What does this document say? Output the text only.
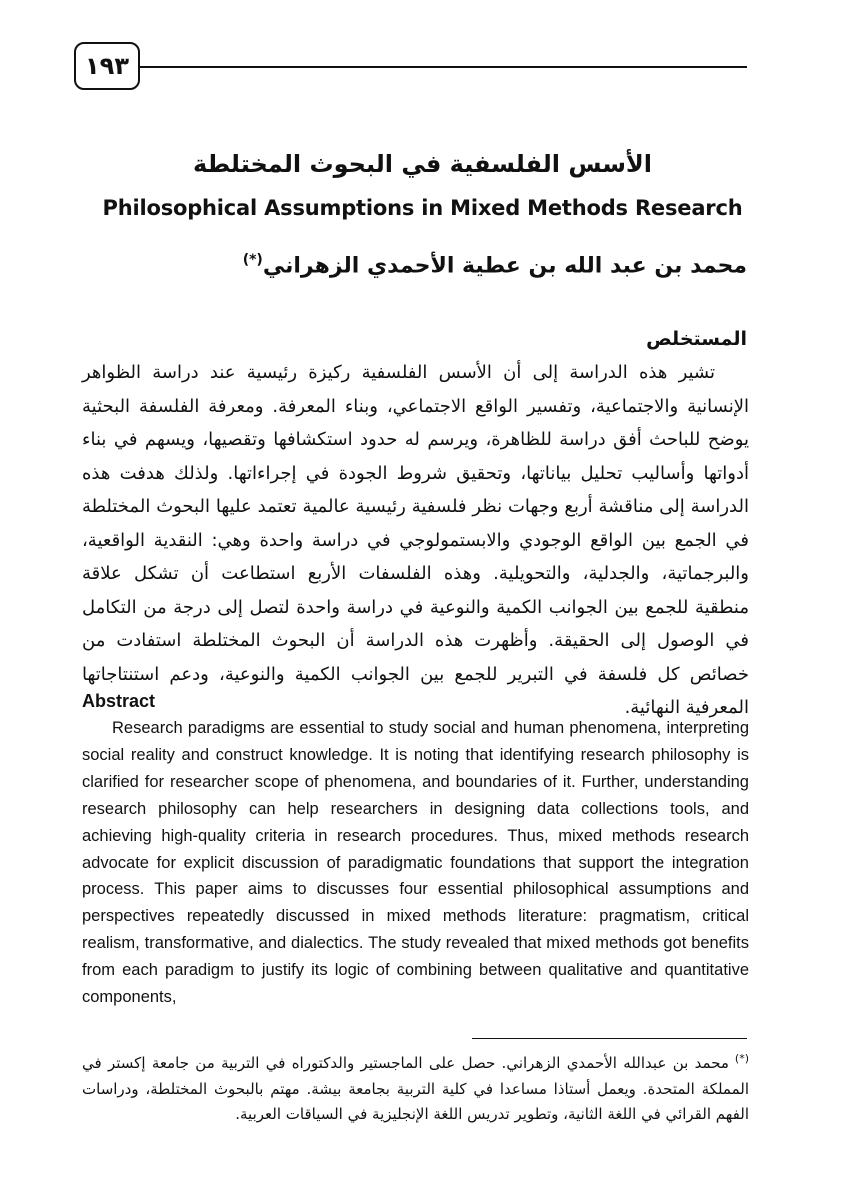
١٩٣
الأسس الفلسفية في البحوث المختلطة
Philosophical Assumptions in Mixed Methods Research
محمد بن عبد الله بن عطية الأحمدي الزهراني(*)
المستخلص
تشير هذه الدراسة إلى أن الأسس الفلسفية ركيزة رئيسية عند دراسة الظواهر الإنسانية والاجتماعية، وتفسير الواقع الاجتماعي، وبناء المعرفة. ومعرفة الفلسفة البحثية يوضح للباحث أفق دراسة للظاهرة، ويرسم له حدود استكشافها وتقصيها، ويسهم في بناء أدواتها وأساليب تحليل بياناتها، وتحقيق شروط الجودة في إجراءاتها. ولذلك هدفت هذه الدراسة إلى مناقشة أربع وجهات نظر فلسفية رئيسية عالمية تعتمد عليها البحوث المختلطة في الجمع بين الواقع الوجودي والابستمولوجي في دراسة واحدة وهي: النقدية الواقعية، والبرجماتية، والجدلية، والتحويلية. وهذه الفلسفات الأربع استطاعت أن تشكل علاقة منطقية للجمع بين الجوانب الكمية والنوعية في دراسة واحدة لتصل إلى درجة من التكامل في الوصول إلى الحقيقة. وأظهرت هذه الدراسة أن البحوث المختلطة استفادت من خصائص كل فلسفة في التبرير للجمع بين الجوانب الكمية والنوعية، ودعم استنتاجاتها المعرفية النهائية.
Abstract
Research paradigms are essential to study social and human phenomena, interpreting social reality and construct knowledge. It is noting that identifying research philosophy is clarified for researcher scope of phenomena, and boundaries of it. Further, understanding research philosophy can help researchers in designing data collections tools, and achieving high-quality criteria in research procedures. Thus, mixed methods research advocate for explicit discussion of paradigmatic foundations that support the integration process. This paper aims to discusses four essential philosophical assumptions and perspectives repeatedly discussed in mixed methods literature: pragmatism, critical realism, transformative, and dialectics. The study revealed that mixed methods got benefits from each paradigm to justify its logic of combining between qualitative and quantitative components,
(*)محمد بن عبدالله الأحمدي الزهراني. حصل على الماجستير والدكتوراه في التربية من جامعة إكستر في المملكة المتحدة. ويعمل أستاذا مساعدا في كلية التربية بجامعة بيشة. مهتم بالبحوث المختلطة، ودراسات الفهم القرائي في اللغة الثانية، وتطوير تدريس اللغة الإنجليزية في السياقات العربية.
